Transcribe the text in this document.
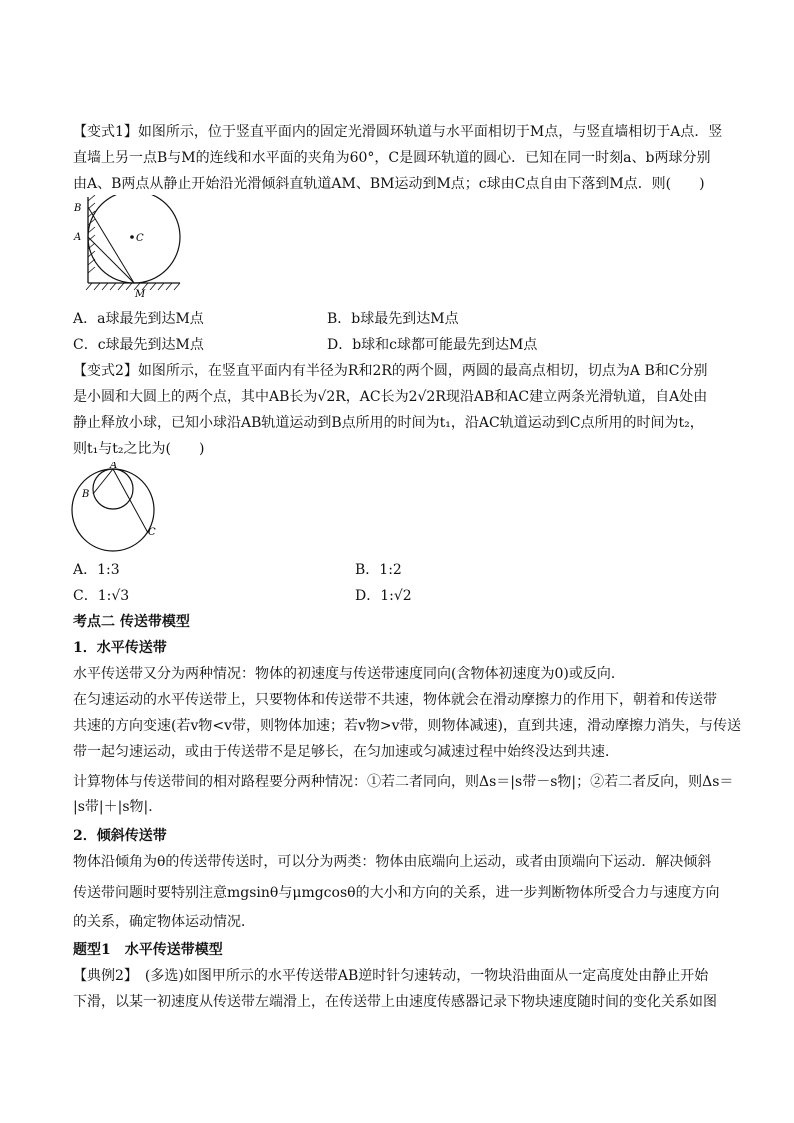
【变式1】如图所示，位于竖直平面内的固定光滑圆环轨道与水平面相切于M点，与竖直墙相切于A点．竖
直墙上另一点B与M的连线和水平面的夹角为60°，C是圆环轨道的圆心．已知在同一时刻a、b两球分别
由A、B两点从静止开始沿光滑倾斜直轨道AM、BM运动到M点；c球由C点自由下落到M点．则(　　)
C
B
A
M
A．a球最先到达M点	B．b球最先到达M点
C．c球最先到达M点	D．b球和c球都可能最先到达M点
【变式2】如图所示，在竖直平面内有半径为R和2R的两个圆，两圆的最高点相切，切点为A B和C分别
是小圆和大圆上的两个点，其中AB长为√2R，AC长为2√2R现沿AB和AC建立两条光滑轨道，自A处由
静止释放小球，已知小球沿AB轨道运动到B点所用的时间为t₁，沿AC轨道运动到C点所用的时间为t₂，
则t₁与t₂之比为(　　)
A
B
C
A．1:3	B．1:2
C．1:√3	D．1:√2
考点二 传送带模型
1．水平传送带
水平传送带又分为两种情况：物体的初速度与传送带速度同向(含物体初速度为0)或反向．
在匀速运动的水平传送带上，只要物体和传送带不共速，物体就会在滑动摩擦力的作用下，朝着和传送带
共速的方向变速(若v物<v带，则物体加速；若v物>v带，则物体减速)，直到共速，滑动摩擦力消失，与传送
带一起匀速运动，或由于传送带不是足够长，在匀加速或匀减速过程中始终没达到共速．
计算物体与传送带间的相对路程要分两种情况：①若二者同向，则Δs＝|s带－s物|；②若二者反向，则Δs＝
|s带|＋|s物|．
2．倾斜传送带
物体沿倾角为θ的传送带传送时，可以分为两类：物体由底端向上运动，或者由顶端向下运动．解决倾斜
传送带问题时要特别注意mgsinθ与μmgcosθ的大小和方向的关系，进一步判断物体所受合力与速度方向
的关系，确定物体运动情况．
题型1　水平传送带模型
【典例2】　(多选)如图甲所示的水平传送带AB逆时针匀速转动，一物块沿曲面从一定高度处由静止开始
下滑，以某一初速度从传送带左端滑上，在传送带上由速度传感器记录下物块速度随时间的变化关系如图
